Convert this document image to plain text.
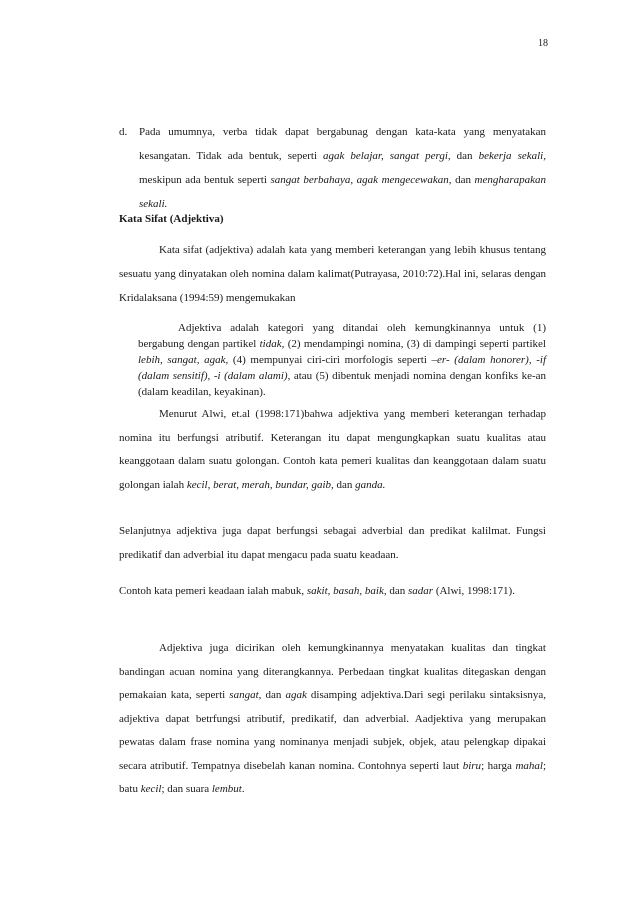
18

d. Pada umumnya, verba tidak dapat bergabunag dengan kata-kata yang menyatakan kesangatan. Tidak ada bentuk, seperti agak belajar, sangat pergi, dan bekerja sekali, meskipun ada bentuk seperti sangat berbahaya, agak mengecewakan, dan mengharapakan sekali.

Kata Sifat (Adjektiva)

Kata sifat (adjektiva) adalah kata yang memberi keterangan yang lebih khusus tentang sesuatu yang dinyatakan oleh nomina dalam kalimat(Putrayasa, 2010:72).Hal ini, selaras dengan Kridalaksana (1994:59) mengemukakan

Adjektiva adalah kategori yang ditandai oleh kemungkinannya untuk (1) bergabung dengan partikel tidak, (2) mendampingi nomina, (3) di dampingi seperti partikel lebih, sangat, agak, (4) mempunyai ciri-ciri morfologis seperti –er- (dalam honorer), -if (dalam sensitif), -i (dalam alami), atau (5) dibentuk menjadi nomina dengan konfiks ke-an (dalam keadilan, keyakinan).

Menurut Alwi, et.al (1998:171)bahwa adjektiva yang memberi keterangan terhadap nomina itu berfungsi atributif. Keterangan itu dapat mengungkapkan suatu kualitas atau keanggotaan dalam suatu golongan. Contoh kata pemeri kualitas dan keanggotaan dalam suatu golongan ialah kecil, berat, merah, bundar, gaib, dan ganda.

Selanjutnya adjektiva juga dapat berfungsi sebagai adverbial dan predikat kalilmat. Fungsi predikatif dan adverbial itu dapat mengacu pada suatu keadaan.

Contoh kata pemeri keadaan ialah mabuk, sakit, basah, baik, dan sadar (Alwi, 1998:171).

Adjektiva juga dicirikan oleh kemungkinannya menyatakan kualitas dan tingkat bandingan acuan nomina yang diterangkannya. Perbedaan tingkat kualitas ditegaskan dengan pemakaian kata, seperti sangat, dan agak disamping adjektiva.Dari segi perilaku sintaksisnya, adjektiva dapat betrfungsi atributif, predikatif, dan adverbial. Aadjektiva yang merupakan pewatas dalam frase nomina yang nominanya menjadi subjek, objek, atau pelengkap dipakai secara atributif. Tempatnya disebelah kanan nomina. Contohnya seperti laut biru; harga mahal; batu kecil; dan suara lembut.
